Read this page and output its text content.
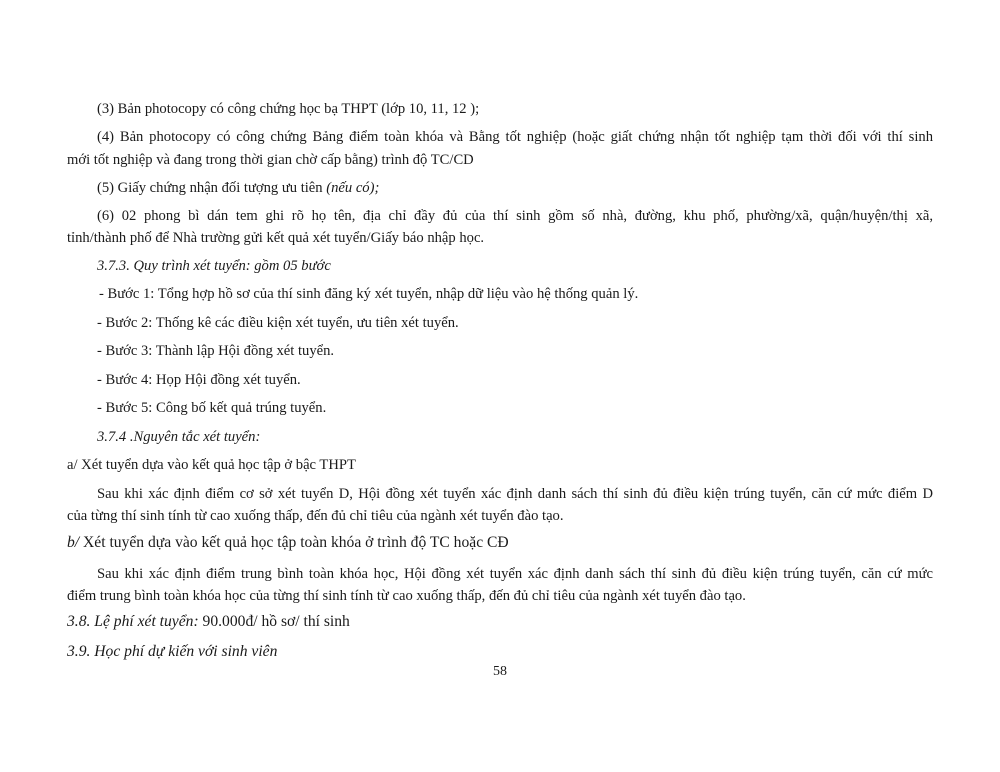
(3) Bản photocopy có công chứng học bạ THPT (lớp 10, 11, 12 );
(4) Bản photocopy có công chứng Bảng điểm toàn khóa và Bằng tốt nghiệp (hoặc giất chứng nhận tốt nghiệp tạm thời đối với thí sinh
mới tốt nghiệp và đang trong thời gian chờ cấp bằng) trình độ TC/CD
(5) Giấy chứng nhận đối tượng ưu tiên (nếu có);
(6) 02 phong bì dán tem ghi rõ họ tên, địa chỉ đầy đủ của thí sinh gồm số nhà, đường, khu phố, phường/xã, quận/huyện/thị xã,
tỉnh/thành phố để Nhà trường gửi kết quả xét tuyển/Giấy báo nhập học.
3.7.3. Quy trình xét tuyển: gồm 05 bước
- Bước 1: Tổng hợp hồ sơ của thí sinh đăng ký xét tuyển, nhập dữ liệu vào hệ thống quản lý.
- Bước 2: Thống kê các điều kiện xét tuyển, ưu tiên xét tuyển.
- Bước 3: Thành lập Hội đồng xét tuyển.
- Bước 4: Họp Hội đồng xét tuyển.
- Bước 5: Công bố kết quả trúng tuyển.
3.7.4 .Nguyên tắc xét tuyển:
a/ Xét tuyển dựa vào kết quả học tập ở bậc THPT
Sau khi xác định điểm cơ sở xét tuyển D, Hội đồng xét tuyển xác định danh sách thí sinh đủ điều kiện trúng tuyển, căn cứ mức điểm D
của từng thí sinh tính từ cao xuống thấp, đến đủ chỉ tiêu của ngành xét tuyển đào tạo.
b/ Xét tuyển dựa vào kết quả học tập toàn khóa ở trình độ TC hoặc CĐ
Sau khi xác định điểm trung bình toàn khóa học, Hội đồng xét tuyển xác định danh sách thí sinh đủ điều kiện trúng tuyển, căn cứ mức
điểm trung bình toàn khóa học của từng thí sinh tính từ cao xuống thấp, đến đủ chỉ tiêu của ngành xét tuyển đào tạo.
3.8. Lệ phí xét tuyển: 90.000đ/ hồ sơ/ thí sinh
3.9. Học phí dự kiến với sinh viên
58
